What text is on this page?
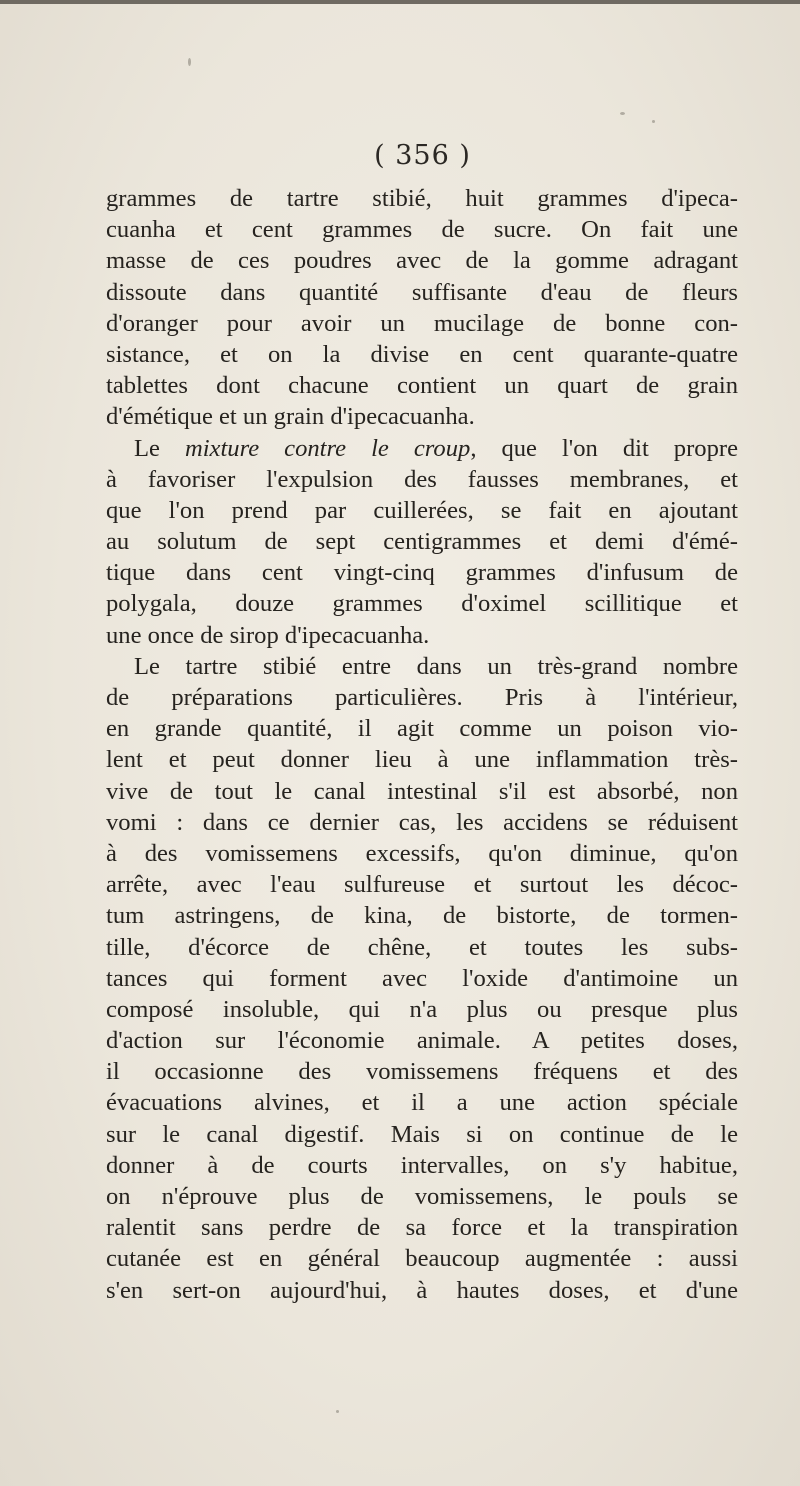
( 356 )
grammes de tartre stibié, huit grammes d'ipeca-
cuanha et cent grammes de sucre. On fait une
masse de ces poudres avec de la gomme adragant
dissoute dans quantité suffisante d'eau de fleurs
d'oranger pour avoir un mucilage de bonne con-
sistance, et on la divise en cent quarante-quatre
tablettes dont chacune contient un quart de grain
d'émétique et un grain d'ipecacuanha.
Le mixture contre le croup, que l'on dit propre
à favoriser l'expulsion des fausses membranes, et
que l'on prend par cuillerées, se fait en ajoutant
au solutum de sept centigrammes et demi d'émé-
tique dans cent vingt-cinq grammes d'infusum de
polygala, douze grammes d'oximel scillitique et
une once de sirop d'ipecacuanha.
Le tartre stibié entre dans un très-grand nombre
de préparations particulières. Pris à l'intérieur,
en grande quantité, il agit comme un poison vio-
lent et peut donner lieu à une inflammation très-
vive de tout le canal intestinal s'il est absorbé, non
vomi : dans ce dernier cas, les accidens se réduisent
à des vomissemens excessifs, qu'on diminue, qu'on
arrête, avec l'eau sulfureuse et surtout les décoc-
tum astringens, de kina, de bistorte, de tormen-
tille, d'écorce de chêne, et toutes les subs-
tances qui forment avec l'oxide d'antimoine un
composé insoluble, qui n'a plus ou presque plus
d'action sur l'économie animale. A petites doses,
il occasionne des vomissemens fréquens et des
évacuations alvines, et il a une action spéciale
sur le canal digestif. Mais si on continue de le
donner à de courts intervalles, on s'y habitue,
on n'éprouve plus de vomissemens, le pouls se
ralentit sans perdre de sa force et la transpiration
cutanée est en général beaucoup augmentée : aussi
s'en sert-on aujourd'hui, à hautes doses, et d'une
